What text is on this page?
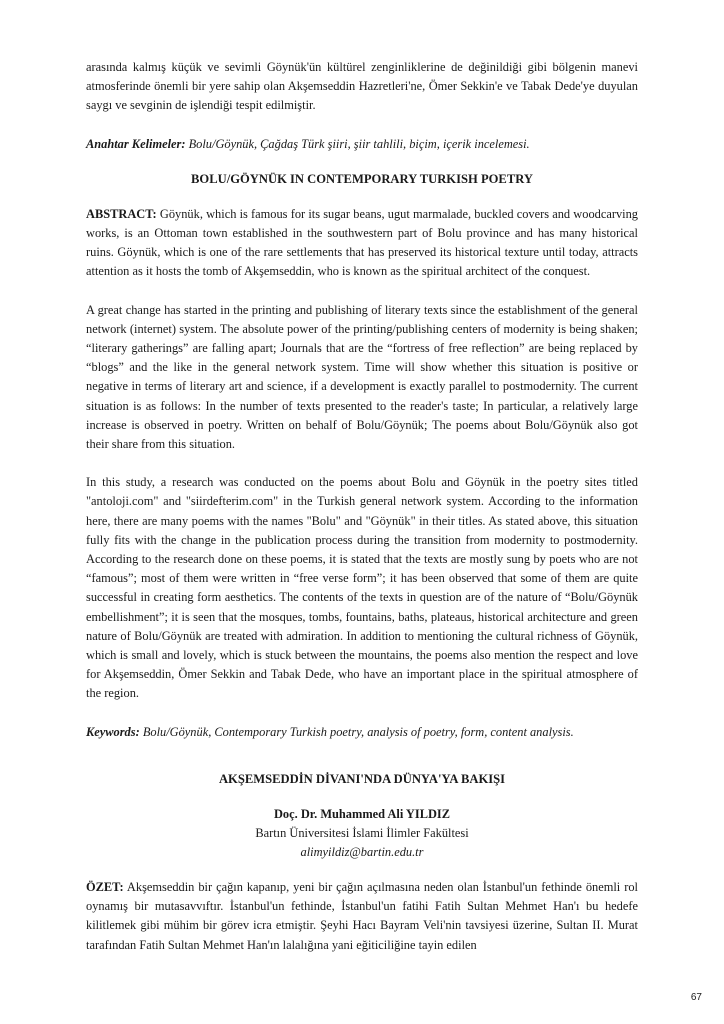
arasında kalmış küçük ve sevimli Göynük'ün kültürel zenginliklerine de değinildiği gibi bölgenin manevi atmosferinde önemli bir yere sahip olan Akşemseddin Hazretleri'ne, Ömer Sekkin'e ve Tabak Dede'ye duyulan saygı ve sevginin de işlendiği tespit edilmiştir.

Anahtar Kelimeler: Bolu/Göynük, Çağdaş Türk şiiri, şiir tahlili, biçim, içerik incelemesi.

BOLU/GÖYNÜK IN CONTEMPORARY TURKISH POETRY

ABSTRACT: Göynük, which is famous for its sugar beans, ugut marmalade, buckled covers and woodcarving works, is an Ottoman town established in the southwestern part of Bolu province and has many historical ruins. Göynük, which is one of the rare settlements that has preserved its historical texture until today, attracts attention as it hosts the tomb of Akşemseddin, who is known as the spiritual architect of the conquest.

A great change has started in the printing and publishing of literary texts since the establishment of the general network (internet) system. The absolute power of the printing/publishing centers of modernity is being shaken; “literary gatherings” are falling apart; Journals that are the “fortress of free reflection” are being replaced by “blogs” and the like in the general network system. Time will show whether this situation is positive or negative in terms of literary art and science, if a development is exactly parallel to postmodernity. The current situation is as follows: In the number of texts presented to the reader's taste; In particular, a relatively large increase is observed in poetry. Written on behalf of Bolu/Göynük; The poems about Bolu/Göynük also got their share from this situation.

In this study, a research was conducted on the poems about Bolu and Göynük in the poetry sites titled "antoloji.com" and "siirdefterim.com" in the Turkish general network system. According to the information here, there are many poems with the names "Bolu" and "Göynük" in their titles. As stated above, this situation fully fits with the change in the publication process during the transition from modernity to postmodernity. According to the research done on these poems, it is stated that the texts are mostly sung by poets who are not “famous”; most of them were written in “free verse form”; it has been observed that some of them are quite successful in creating form aesthetics. The contents of the texts in question are of the nature of “Bolu/Göynük embellishment”; it is seen that the mosques, tombs, fountains, baths, plateaus, historical architecture and green nature of Bolu/Göynük are treated with admiration. In addition to mentioning the cultural richness of Göynük, which is small and lovely, which is stuck between the mountains, the poems also mention the respect and love for Akşemseddin, Ömer Sekkin and Tabak Dede, who have an important place in the spiritual atmosphere of the region.

Keywords: Bolu/Göynük, Contemporary Turkish poetry, analysis of poetry, form, content analysis.

AKŞEMSEDDİN DİVANI'NDA DÜNYA'YA BAKIŞI
Doç. Dr. Muhammed Ali YILDIZ
Bartın Üniversitesi İslami İlimler Fakültesi
alimyildiz@bartin.edu.tr

ÖZET: Akşemseddin bir çağın kapanıp, yeni bir çağın açılmasına neden olan İstanbul'un fethinde önemli rol oynamış bir mutasavvıftır. İstanbul'un fethinde, İstanbul'un fatihi Fatih Sultan Mehmet Han'ı bu hedefe kilitlemek gibi mühim bir görev icra etmiştir. Şeyhi Hacı Bayram Veli'nin tavsiyesi üzerine, Sultan II. Murat tarafından Fatih Sultan Mehmet Han'ın lalalığına yani eğiticiliğine tayin edilen

67
